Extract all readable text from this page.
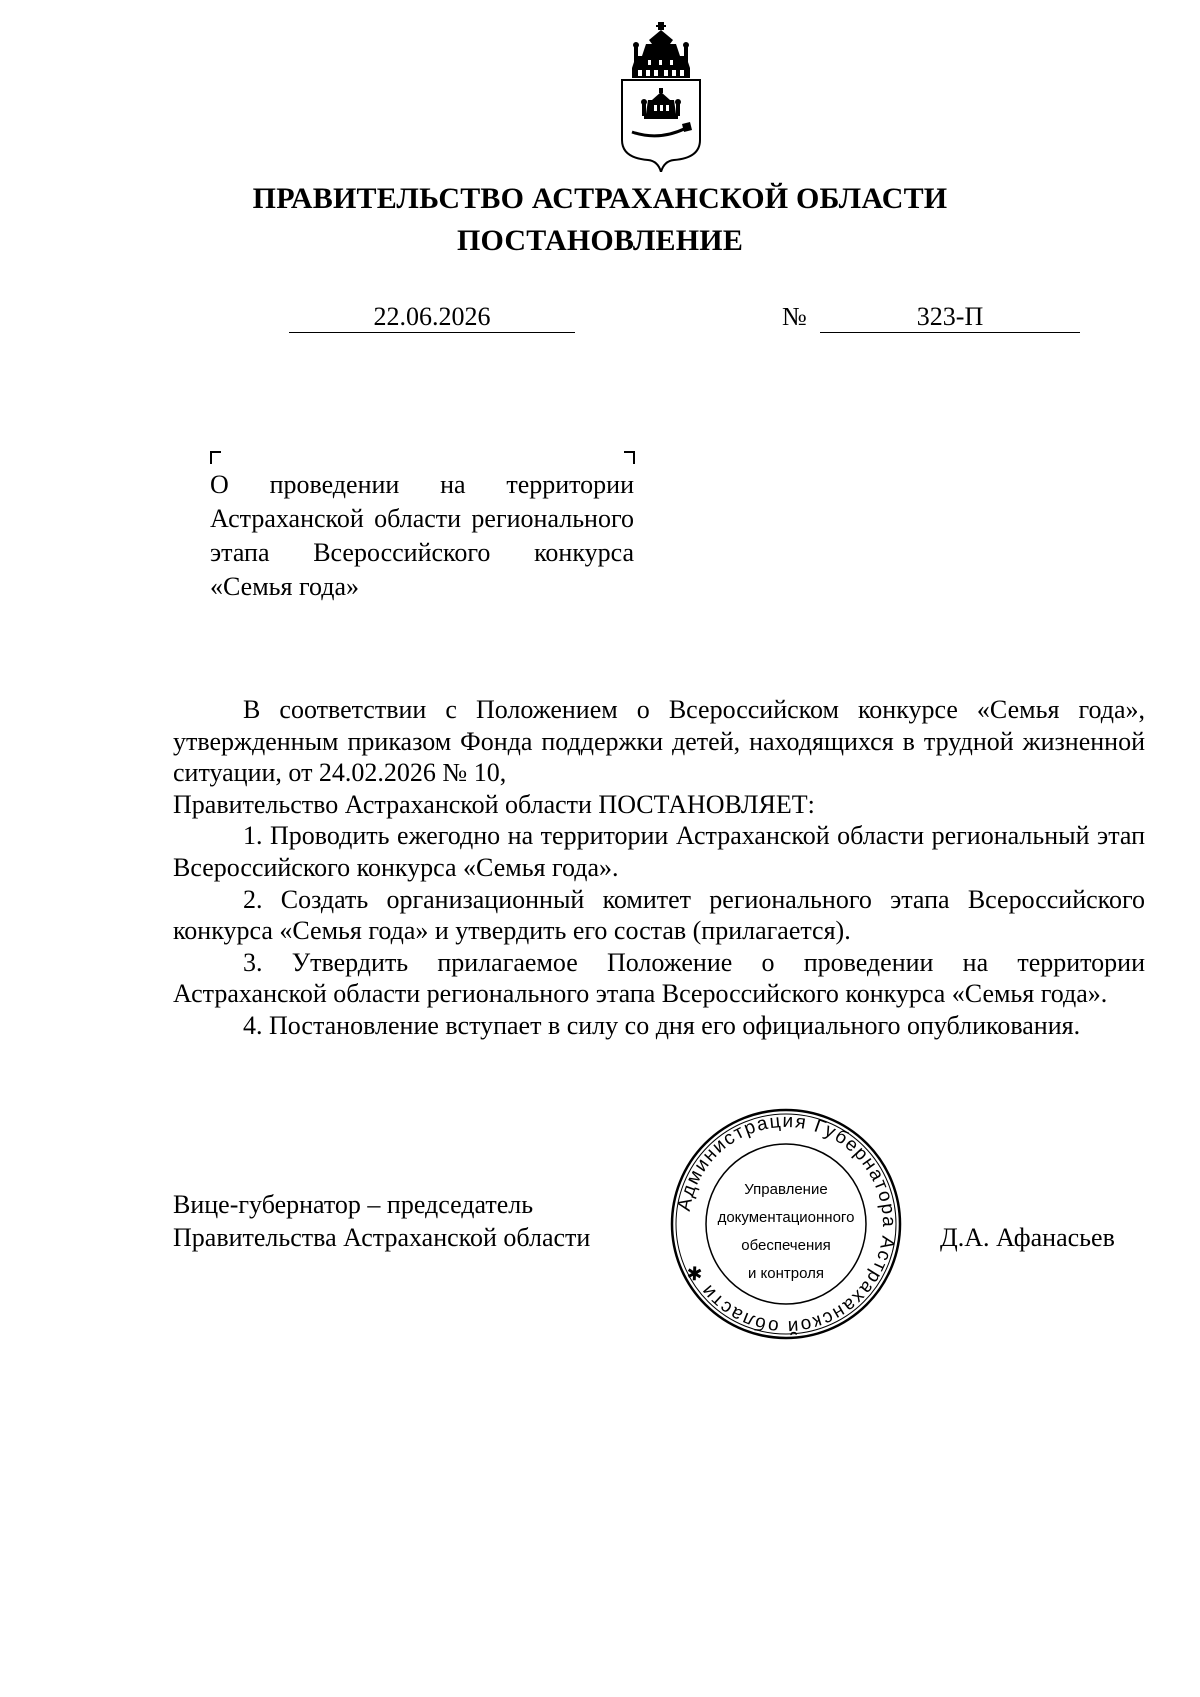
ПРАВИТЕЛЬСТВО АСТРАХАНСКОЙ ОБЛАСТИ
ПОСТАНОВЛЕНИЕ
22.06.2026	№	323-П
О проведении на территории Астраханской области регионального этапа Всероссийского конкурса «Семья года»

В соответствии с Положением о Всероссийском конкурсе «Семья года», утвержденным приказом Фонда поддержки детей, находящихся в трудной жизненной ситуации, от 24.02.2026 № 10,

Правительство Астраханской области ПОСТАНОВЛЯЕТ:

1. Проводить ежегодно на территории Астраханской области региональный этап Всероссийского конкурса «Семья года».

2. Создать организационный комитет регионального этапа Всероссийского конкурса «Семья года» и утвердить его состав (прилагается).

3. Утвердить прилагаемое Положение о проведении на территории Астраханской области регионального этапа Всероссийского конкурса «Семья года».

4. Постановление вступает в силу со дня его официального опубликования.

Вице-губернатор – председатель
Правительства Астраханской области
Администрация Губернатора Астраханской области ✱
Управление
документационного
обеспечения
и контроля
Д.А. Афанасьев
